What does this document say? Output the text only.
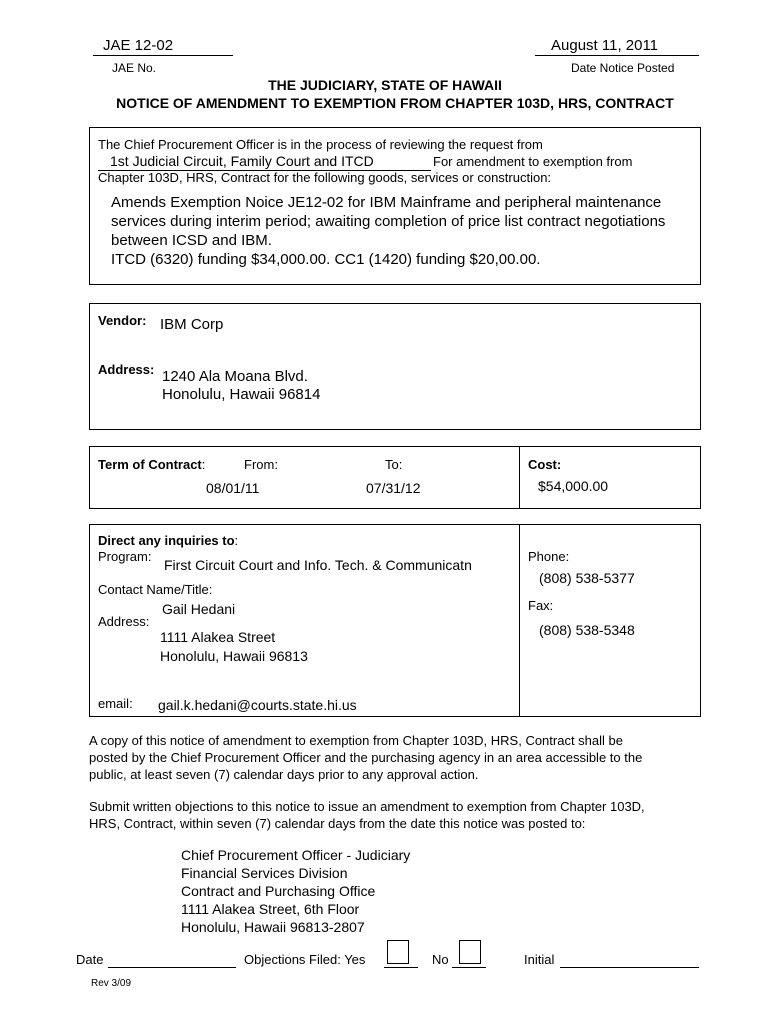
JAE 12-02
JAE No.
August 11, 2011
Date Notice Posted
THE JUDICIARY, STATE OF HAWAII
NOTICE OF AMENDMENT TO EXEMPTION FROM CHAPTER 103D, HRS, CONTRACT
The Chief Procurement Officer is in the process of reviewing the request from
1st Judicial Circuit, Family Court and ITCD	For amendment to exemption from
Chapter 103D, HRS, Contract for the following goods, services or construction:
Amends Exemption Noice JE12-02 for IBM Mainframe and peripheral maintenance
services during interim period; awaiting completion of price list contract negotiations
between ICSD and IBM.
ITCD (6320) funding $34,000.00. CC1 (1420) funding $20,00.00.
Vendor: IBM Corp
Address: 1240 Ala Moana Blvd.
Honolulu, Hawaii 96814
Term of Contract:	From:	To:
08/01/11	07/31/12
Cost:
$54,000.00
Direct any inquiries to:
Program:
First Circuit Court and Info. Tech. & Communicatn
Contact Name/Title:
Gail Hedani
Address:
1111 Alakea Street
Honolulu, Hawaii 96813
email: gail.k.hedani@courts.state.hi.us
Phone:
(808) 538-5377
Fax:
(808) 538-5348
A copy of this notice of amendment to exemption from Chapter 103D, HRS, Contract shall be
posted by the Chief Procurement Officer and the purchasing agency in an area accessible to the
public, at least seven (7) calendar days prior to any approval action.
Submit written objections to this notice to issue an amendment to exemption from Chapter 103D,
HRS, Contract, within seven (7) calendar days from the date this notice was posted to:
Chief Procurement Officer - Judiciary
Financial Services Division
Contract and Purchasing Office
1111 Alakea Street, 6th Floor
Honolulu, Hawaii 96813-2807
Date	Objections Filed: Yes	No	Initial
Rev 3/09
